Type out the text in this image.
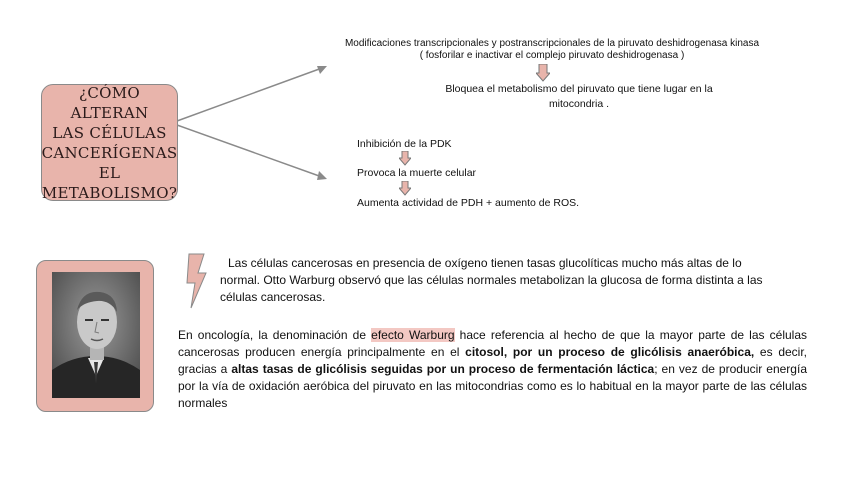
¿CÓMO ALTERAN
LAS CÉLULAS
CANCERÍGENAS EL
METABOLISMO?
Modificaciones transcripcionales y postranscripcionales de la piruvato deshidrogenasa kinasa
( fosforilar e inactivar el complejo piruvato deshidrogenasa )
Bloquea el metabolismo del piruvato que tiene lugar en la
mitocondria .
Inhibición de la PDK
Provoca la muerte celular
Aumenta actividad de PDH + aumento de ROS.
Las células cancerosas en presencia de oxígeno tienen tasas glucolíticas mucho más altas de lo
normal. Otto Warburg observó que las células normales metabolizan la glucosa de forma distinta a las
células cancerosas.
En oncología, la denominación de efecto Warburg hace referencia al hecho de que la mayor parte de las células cancerosas producen energía principalmente en el citosol, por un proceso de glicólisis anaeróbica, es decir, gracias a altas tasas de glicólisis seguidas por un proceso de fermentación láctica; en vez de producir energía por la vía de oxidación aeróbica del piruvato en las mitocondrias como es lo habitual en la mayor parte de las células normales
